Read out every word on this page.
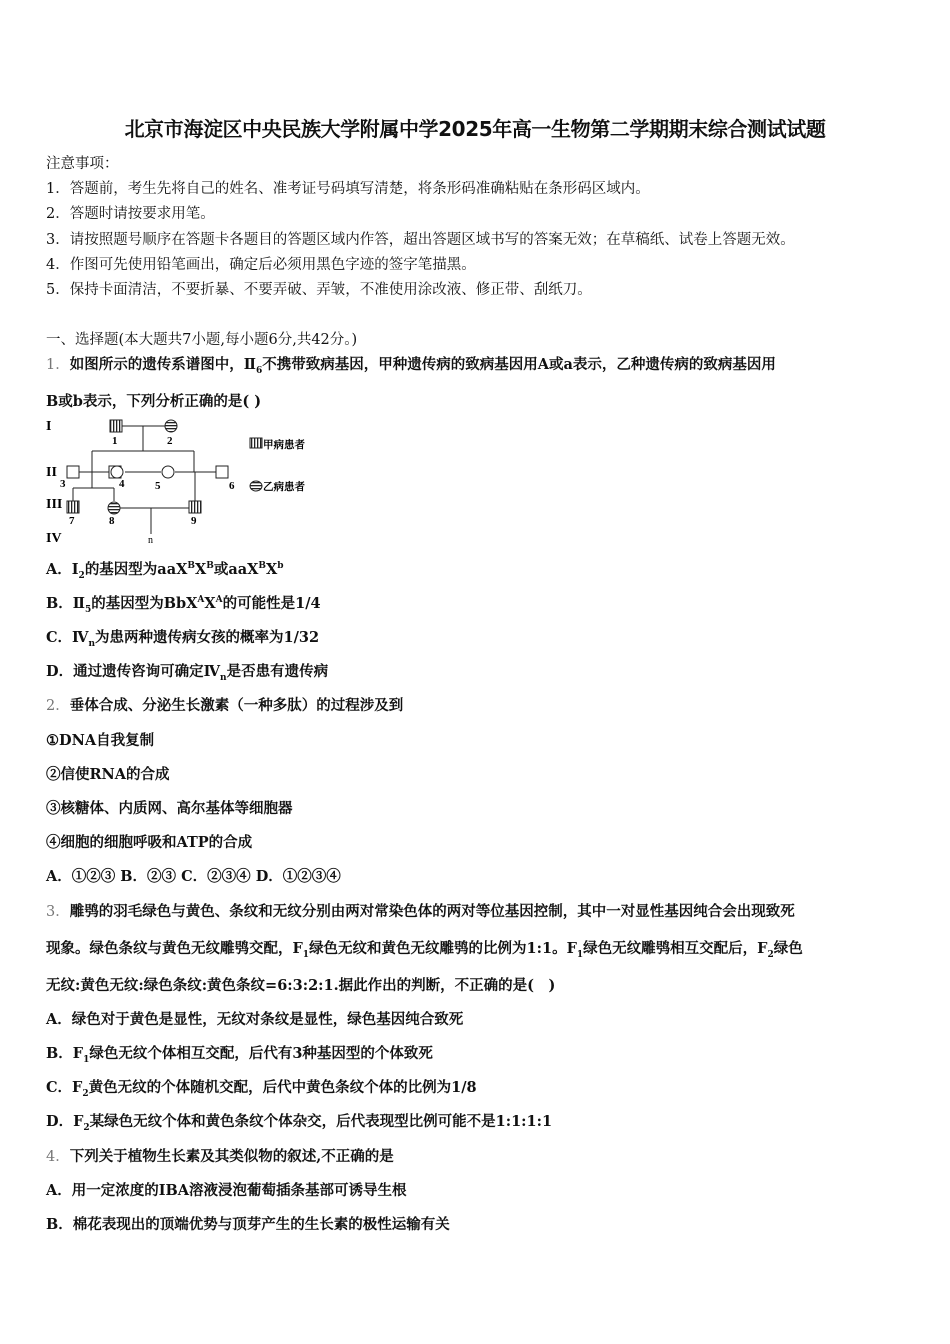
北京市海淀区中央民族大学附属中学2025年高一生物第二学期期末综合测试试题
注意事项：
1．答题前，考生先将自己的姓名、准考证号码填写清楚，将条形码准确粘贴在条形码区域内。
2．答题时请按要求用笔。
3．请按照题号顺序在答题卡各题目的答题区域内作答，超出答题区域书写的答案无效；在草稿纸、试卷上答题无效。
4．作图可先使用铅笔画出，确定后必须用黑色字迹的签字笔描黑。
5．保持卡面清洁，不要折暴、不要弄破、弄皱，不准使用涂改液、修正带、刮纸刀。
一、选择题(本大题共7小题,每小题6分,共42分。)
1．如图所示的遗传系谱图中，$Ⅱ_6$不携带致病基因，甲种遗传病的致病基因用A或a表示，乙种遗传病的致病基因用
B或b表示，下列分析正确的是( )
I
II
III
IV
1	2
3	4	5	6
7	8	9
n
甲病患者
乙病患者
A．$Ⅰ_2$的基因型为$aaX^BX^B$或$aaX^BX^b$
B．$Ⅱ_5$的基因型为$BbX^AX^A$的可能性是1/4
C．$Ⅳ_n$为患两种遗传病女孩的概率为1/32
D．通过遗传咨询可确定$Ⅳ_n$是否患有遗传病
2．垂体合成、分泌生长激素（一种多肽）的过程涉及到
①DNA自我复制
②信使RNA的合成
③核糖体、内质网、高尔基体等细胞器
④细胞的细胞呼吸和ATP的合成
A．①②③ B．②③ C．②③④ D．①②③④
3．雕鸮的羽毛绿色与黄色、条纹和无纹分别由两对常染色体的两对等位基因控制，其中一对显性基因纯合会出现致死
现象。绿色条纹与黄色无纹雕鸮交配，$F_1$绿色无纹和黄色无纹雕鸮的比例为1:1。$F_1$绿色无纹雕鸮相互交配后，$F_2$绿色
无纹:黄色无纹:绿色条纹:黄色条纹=6:3:2:1.据此作出的判断，不正确的是(　)
A．绿色对于黄色是显性，无纹对条纹是显性，绿色基因纯合致死
B．$F_1$绿色无纹个体相互交配，后代有3种基因型的个体致死
C．$F_2$黄色无纹的个体随机交配，后代中黄色条纹个体的比例为1/8
D．$F_2$某绿色无纹个体和黄色条纹个体杂交，后代表现型比例可能不是1:1:1:1
4．下列关于植物生长素及其类似物的叙述,不正确的是
A．用一定浓度的IBA溶液浸泡葡萄插条基部可诱导生根
B．棉花表现出的顶端优势与顶芽产生的生长素的极性运输有关
